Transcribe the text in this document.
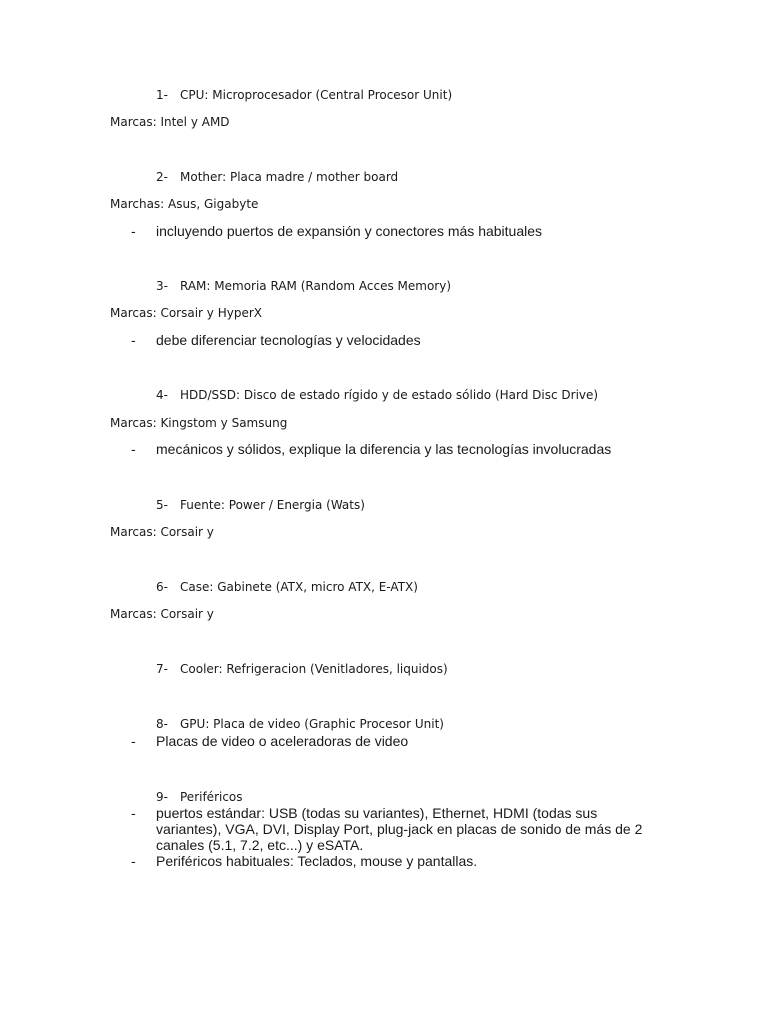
1- CPU: Microprocesador (Central Procesor Unit)
Marcas: Intel y AMD
2- Mother: Placa madre / mother board
Marchas: Asus, Gigabyte
- incluyendo puertos de expansión y conectores más habituales
3- RAM: Memoria RAM (Random Acces Memory)
Marcas: Corsair y HyperX
- debe diferenciar tecnologías y velocidades
4- HDD/SSD: Disco de estado rígido y de estado sólido (Hard Disc Drive)
Marcas: Kingstom y Samsung
- mecánicos y sólidos, explique la diferencia y las tecnologías involucradas
5- Fuente: Power / Energia (Wats)
Marcas: Corsair y
6- Case: Gabinete (ATX, micro ATX, E-ATX)
Marcas: Corsair y
7- Cooler: Refrigeracion (Venitladores, liquidos)
8- GPU: Placa de video (Graphic Procesor Unit)
- Placas de video o aceleradoras de video
9- Periféricos
- puertos estándar: USB (todas su variantes), Ethernet, HDMI (todas sus
variantes), VGA, DVI, Display Port, plug-jack en placas de sonido de más de 2
canales (5.1, 7.2, etc...) y eSATA.
- Periféricos habituales: Teclados, mouse y pantallas.
